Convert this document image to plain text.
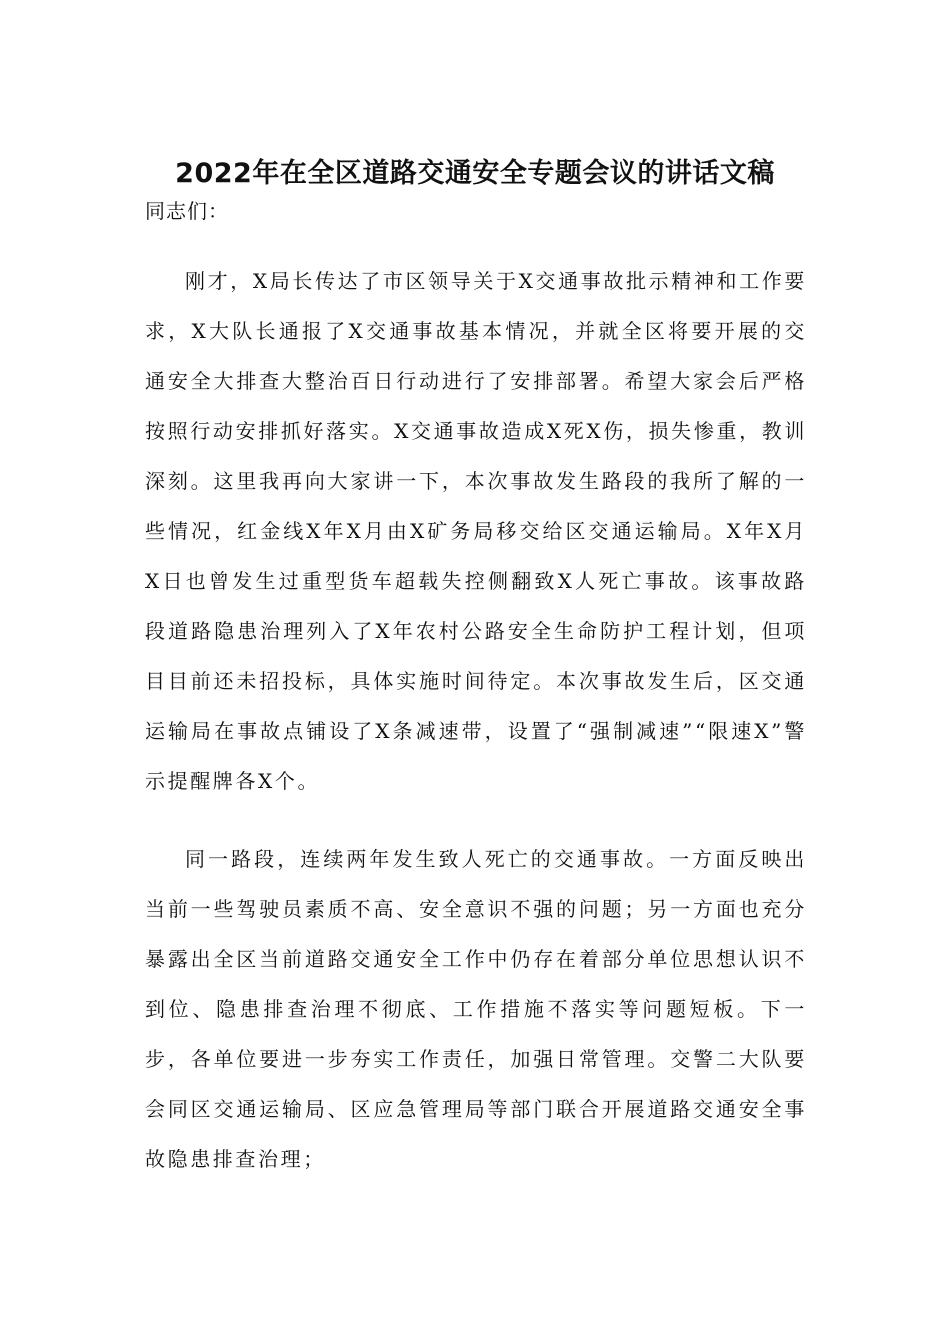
2022年在全区道路交通安全专题会议的讲话文稿

同志们：

刚才，X局长传达了市区领导关于X交通事故批示精神和工作要求，X大队长通报了X交通事故基本情况，并就全区将要开展的交通安全大排查大整治百日行动进行了安排部署。希望大家会后严格按照行动安排抓好落实。X交通事故造成X死X伤，损失惨重，教训深刻。这里我再向大家讲一下，本次事故发生路段的我所了解的一些情况，红金线X年X月由X矿务局移交给区交通运输局。X年X月X日也曾发生过重型货车超载失控侧翻致X人死亡事故。该事故路段道路隐患治理列入了X年农村公路安全生命防护工程计划，但项目目前还未招投标，具体实施时间待定。本次事故发生后，区交通运输局在事故点铺设了X条减速带，设置了“强制减速”“限速X”警示提醒牌各X个。

同一路段，连续两年发生致人死亡的交通事故。一方面反映出当前一些驾驶员素质不高、安全意识不强的问题；另一方面也充分暴露出全区当前道路交通安全工作中仍存在着部分单位思想认识不到位、隐患排查治理不彻底、工作措施不落实等问题短板。下一步，各单位要进一步夯实工作责任，加强日常管理。交警二大队要会同区交通运输局、区应急管理局等部门联合开展道路交通安全事故隐患排查治理；
